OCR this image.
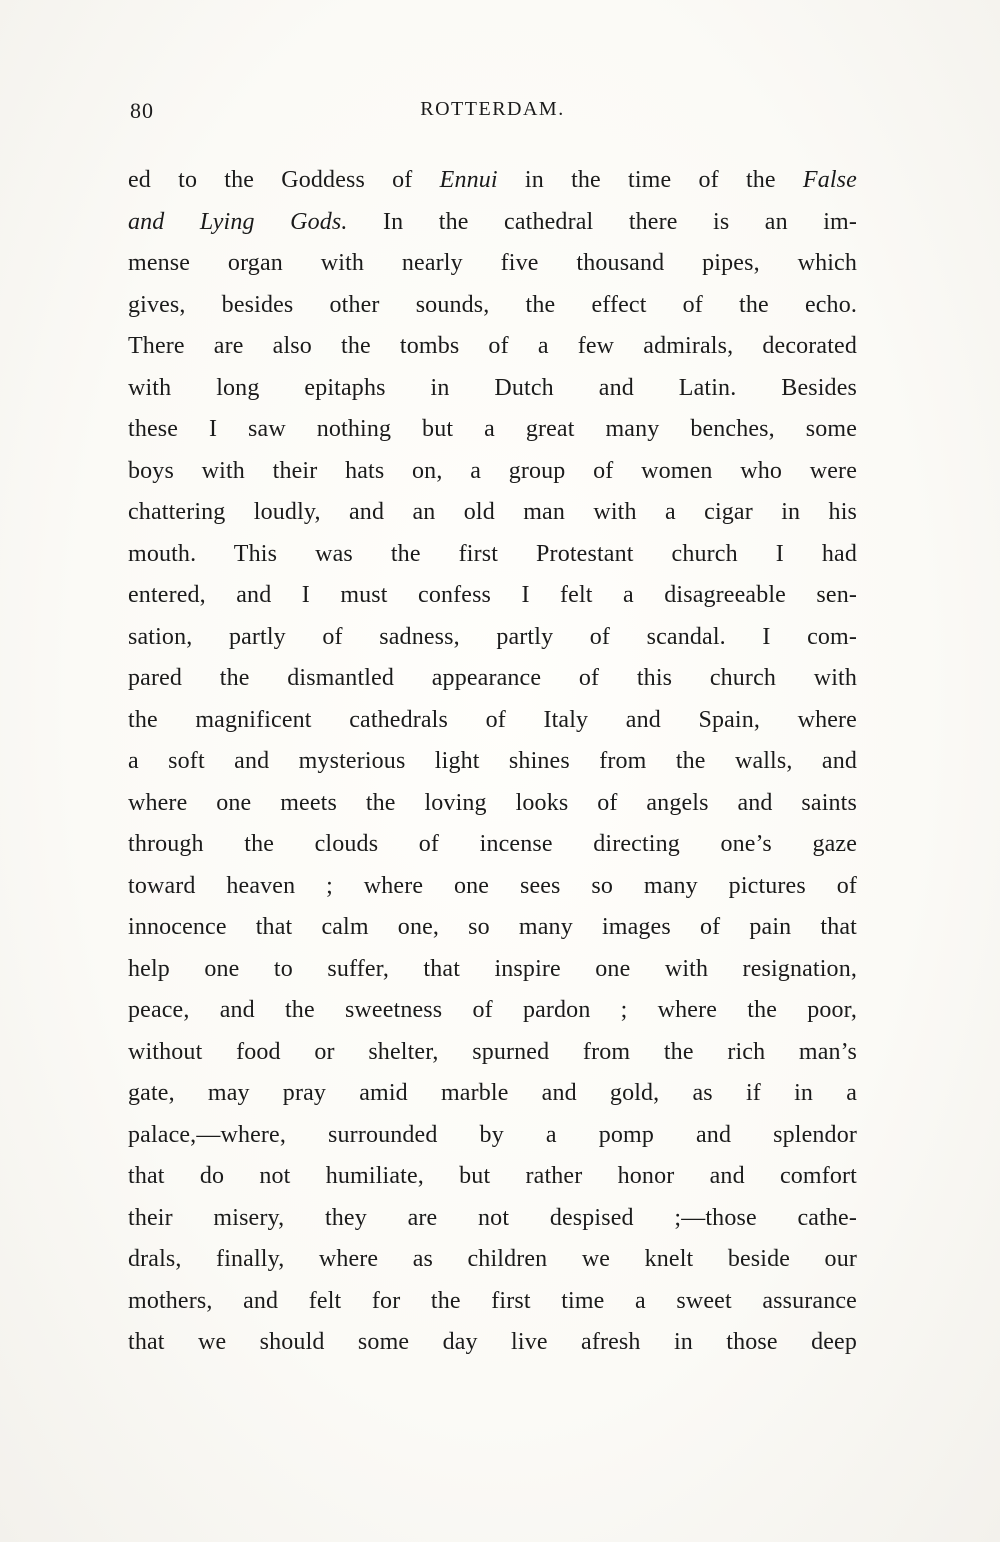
80	ROTTERDAM.
ed to the Goddess of Ennui in the time of the False
and Lying Gods. In the cathedral there is an im-
mense organ with nearly five thousand pipes, which
gives, besides other sounds, the effect of the echo.
There are also the tombs of a few admirals, decorated
with long epitaphs in Dutch and Latin. Besides
these I saw nothing but a great many benches, some
boys with their hats on, a group of women who were
chattering loudly, and an old man with a cigar in his
mouth. This was the first Protestant church I had
entered, and I must confess I felt a disagreeable sen-
sation, partly of sadness, partly of scandal. I com-
pared the dismantled appearance of this church with
the magnificent cathedrals of Italy and Spain, where
a soft and mysterious light shines from the walls, and
where one meets the loving looks of angels and saints
through the clouds of incense directing one’s gaze
toward heaven ; where one sees so many pictures of
innocence that calm one, so many images of pain that
help one to suffer, that inspire one with resignation,
peace, and the sweetness of pardon ; where the poor,
without food or shelter, spurned from the rich man’s
gate, may pray amid marble and gold, as if in a
palace,—where, surrounded by a pomp and splendor
that do not humiliate, but rather honor and comfort
their misery, they are not despised ;—those cathe-
drals, finally, where as children we knelt beside our
mothers, and felt for the first time a sweet assurance
that we should some day live afresh in those deep
